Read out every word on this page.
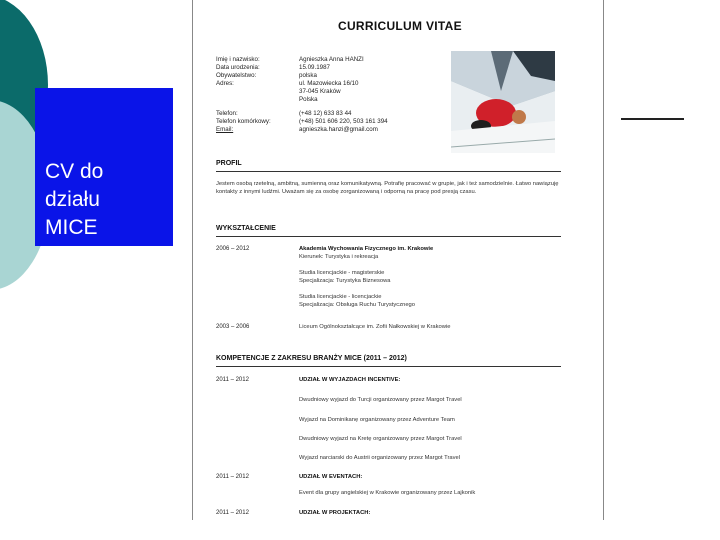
CV do
działu
MICE
CURRICULUM VITAE
Imię i nazwisko:	Agnieszka Anna HANZI
Data urodzenia:	15.09.1987
Obywatelstwo:	polska
Adres:	ul. Mazowiecka 16/10
37-045 Kraków
Polska
Telefon:	(+48 12) 633 83 44
Telefon komórkowy:	(+48) 501 606 220, 503 161 394
Email:	agnieszka.hanzi@gmail.com
PROFIL
Jestem osobą rzetelną, ambitną, sumienną oraz komunikatywną. Potrafię pracować w grupie, jak i też samodzielnie. Łatwo nawiązuję kontakty z innymi ludźmi. Uważam się za osobę zorganizowaną i odporną na pracę pod presją czasu.
WYKSZTAŁCENIE
2006 – 2012	Akademia Wychowania Fizycznego im. Krakowie
Kierunek: Turystyka i rekreacja
Studia licencjackie - magisterskie
Specjalizacja: Turystyka Biznesowa
Studia licencjackie - licencjackie
Specjalizacja: Obsługa Ruchu Turystycznego
2003 – 2006	Liceum Ogólnokształcące im. Zofii Nałkowskiej w Krakowie
KOMPETENCJE Z ZAKRESU BRANŻY MICE (2011 – 2012)
2011 – 2012	UDZIAŁ W WYJAZDACH INCENTIVE:
Dwudniowy wyjazd do Turcji organizowany przez Margot Travel
Wyjazd na Dominikanę organizowany przez Adventure Team
Dwudniowy wyjazd na Kretę organizowany przez Margot Travel
Wyjazd narciarski do Austrii organizowany przez Margot Travel
2011 – 2012	UDZIAŁ W EVENTACH:
Event dla grupy angielskiej w Krakowie organizowany przez Lajkonik
2011 – 2012	UDZIAŁ W PROJEKTACH:
